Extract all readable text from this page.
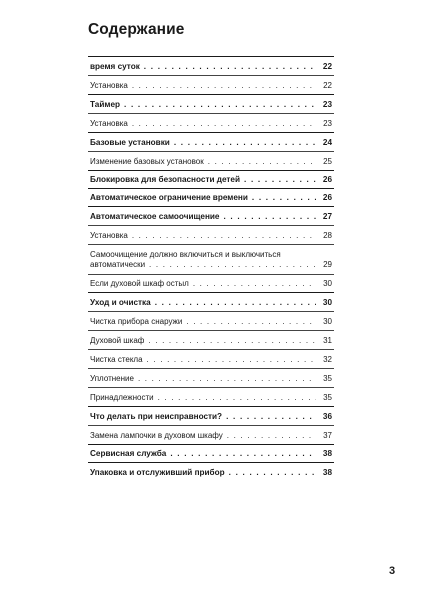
Содержание
время суток . . .	22
Установка . . .	22
Таймер . . .	23
Установка . . .	23
Базовые установки . . .	24
Изменение базовых установок . . .	25
Блокировка для безопасности детей . . .	26
Автоматическое ограничение времени . . .	26
Автоматическое самоочищение . . .	27
Установка . . .	28
Самоочищение должно включиться и выключиться
автоматически . . .	29
Если духовой шкаф остыл . . .	30
Уход и очистка . . .	30
Чистка прибора снаружи . . .	30
Духовой шкаф . . .	31
Чистка стекла . . .	32
Уплотнение . . .	35
Принадлежности . . .	35
Что делать при неисправности? . . .	36
Замена лампочки в духовом шкафу . . .	37
Сервисная служба . . .	38
Упаковка и отслуживший прибор . . .	38
3
